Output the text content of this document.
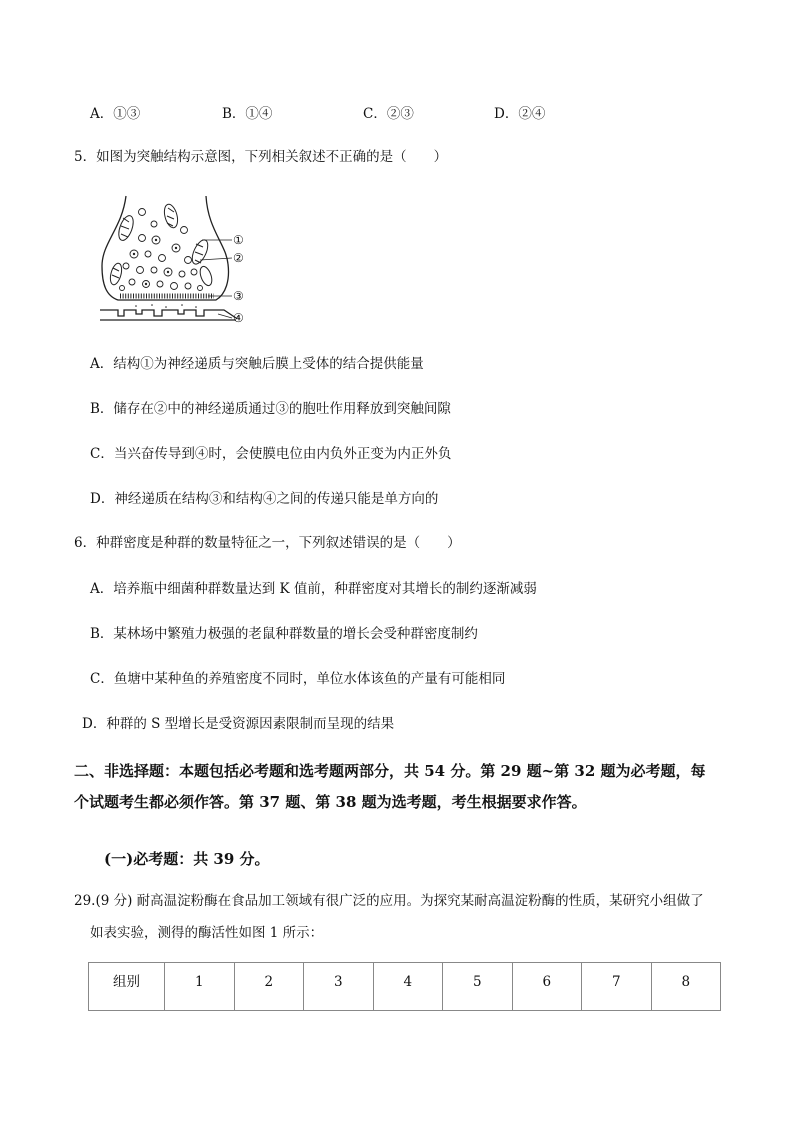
A．①③	B．①④	C．②③	D．②④
5．如图为突触结构示意图，下列相关叙述不正确的是（　　）
①
②
③
④
A．结构①为神经递质与突触后膜上受体的结合提供能量
B．储存在②中的神经递质通过③的胞吐作用释放到突触间隙
C．当兴奋传导到④时，会使膜电位由内负外正变为内正外负
D．神经递质在结构③和结构④之间的传递只能是单方向的
6．种群密度是种群的数量特征之一，下列叙述错误的是（　　）
A．培养瓶中细菌种群数量达到 K 值前，种群密度对其增长的制约逐渐减弱
B．某林场中繁殖力极强的老鼠种群数量的增长会受种群密度制约
C．鱼塘中某种鱼的养殖密度不同时，单位水体该鱼的产量有可能相同
D．种群的 S 型增长是受资源因素限制而呈现的结果
二、非选择题：本题包括必考题和选考题两部分，共 54 分。第 29 题~第 32 题为必考题，每
个试题考生都必须作答。第 37 题、第 38 题为选考题，考生根据要求作答。
(一)必考题：共 39 分。
29.(9 分) 耐高温淀粉酶在食品加工领域有很广泛的应用。为探究某耐高温淀粉酶的性质，某研究小组做了
如表实验，测得的酶活性如图 1 所示：
组别	1	2	3	4	5	6	7	8
